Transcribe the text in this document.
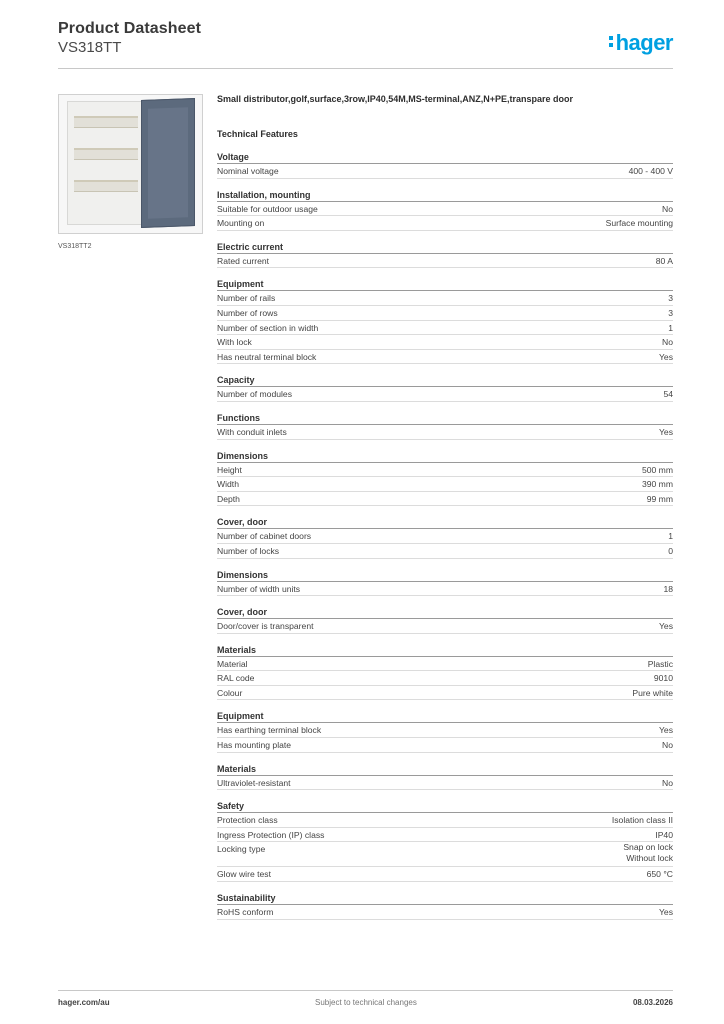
Product Datasheet
VS318TT	hager
VS318TT2
Small distributor,golf,surface,3row,IP40,54M,MS-terminal,ANZ,N+PE,transpare door
Technical Features
Voltage
Nominal voltage	400 - 400 V
Installation, mounting
Suitable for outdoor usage	No
Mounting on	Surface mounting
Electric current
Rated current	80 A
Equipment
Number of rails	3
Number of rows	3
Number of section in width	1
With lock	No
Has neutral terminal block	Yes
Capacity
Number of modules	54
Functions
With conduit inlets	Yes
Dimensions
Height	500 mm
Width	390 mm
Depth	99 mm
Cover, door
Number of cabinet doors	1
Number of locks	0
Dimensions
Number of width units	18
Cover, door
Door/cover is transparent	Yes
Materials
Material	Plastic
RAL code	9010
Colour	Pure white
Equipment
Has earthing terminal block	Yes
Has mounting plate	No
Materials
Ultraviolet-resistant	No
Safety
Protection class	Isolation class II
Ingress Protection (IP) class	IP40
Locking type	Snap on lock
Without lock
Glow wire test	650 °C
Sustainability
RoHS conform	Yes
hager.com/au	Subject to technical changes	08.03.2026
